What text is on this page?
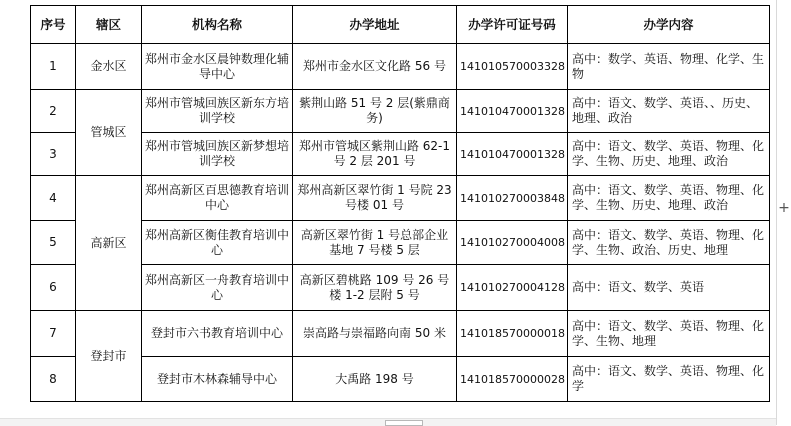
序号	辖区	机构名称	办学地址	办学许可证号码	办学内容
1	金水区	郑州市金水区晨钟数理化辅导中心	郑州市金水区文化路 56 号	141010570003328	高中：数学、英语、物理、化学、生物
2	管城区	郑州市管城回族区新东方培训学校	紫荆山路 51 号 2 层(紫鼎商务)	141010470001328	高中：语文、数学、英语、、历史、地理、政治
3		郑州市管城回族区新梦想培训学校	郑州市管城区紫荆山路 62-1 号 2 层 201 号	141010470001328	高中：语文、数学、英语、物理、化学、生物、历史、地理、政治
4	高新区	郑州高新区百思德教育培训中心	郑州高新区翠竹街 1 号院 23 号楼 01 号	141010270003848	高中：语文、数学、英语、物理、化学、生物、历史、地理、政治
5		郑州高新区衡佳教育培训中心	高新区翠竹街 1 号总部企业基地 7 号楼 5 层	141010270004008	高中：语文、数学、英语、物理、化学、生物、政治、历史、地理
6		郑州高新区一舟教育培训中心	高新区碧桃路 109 号 26 号楼 1-2 层附 5 号	141010270004128	高中：语文、数学、英语
7	登封市	登封市六书教育培训中心	崇高路与崇福路向南 50 米	141018570000018	高中：语文、数学、英语、物理、化学、生物、地理
8		登封市木林森辅导中心	大禹路 198 号	141018570000028	高中：语文、数学、英语、物理、化学
+
